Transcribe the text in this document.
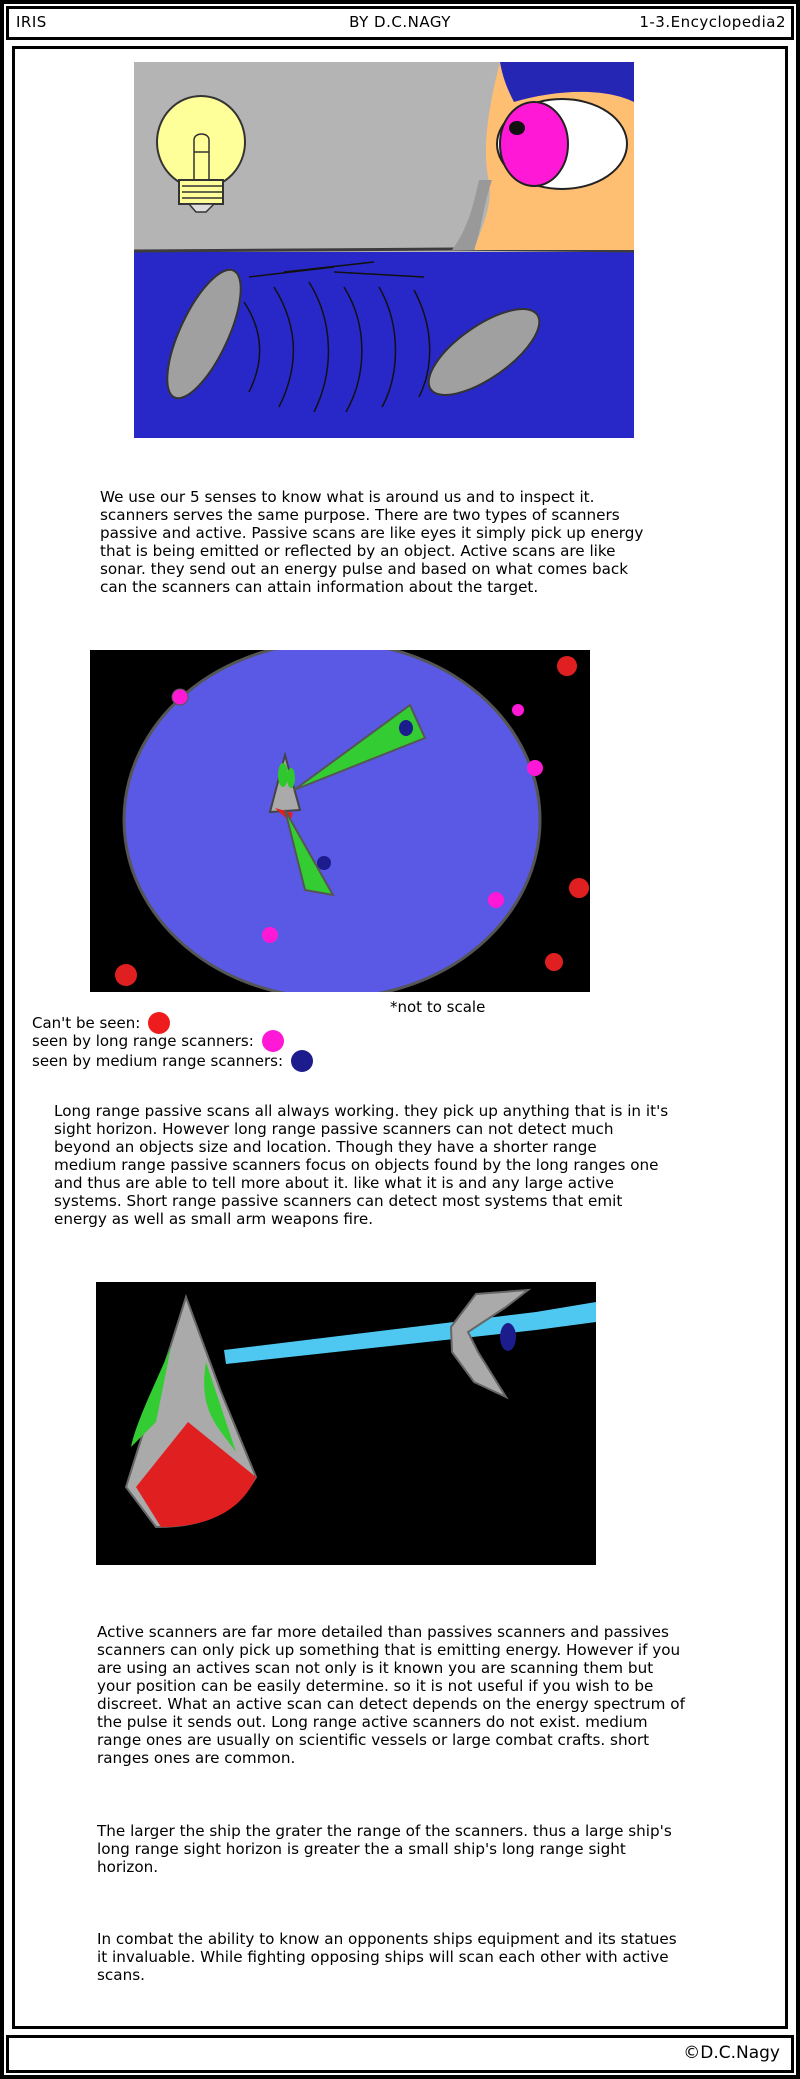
IRIS	BY D.C.NAGY	1-3.Encyclopedia2
©D.C.Nagy
We use our 5 senses to know what is around us and to inspect it.
scanners serves the same purpose. There are two types of scanners
passive and active. Passive scans are like eyes it simply pick up energy
that is being emitted or reflected by an object. Active scans are like
sonar. they send out an energy pulse and based on what comes back
can the scanners can attain information about the target.
*not to scale
Can't be seen:
seen by long range scanners:
seen by medium range scanners:
Long range passive scans all always working. they pick up anything that is in it's
sight horizon. However long range passive scanners can not detect much
beyond an objects size and location. Though they have a shorter range
medium range passive scanners focus on objects found by the long ranges one
and thus are able to tell more about it. like what it is and any large active
systems. Short range passive scanners can detect most systems that emit
energy as well as small arm weapons fire.
Active scanners are far more detailed than passives scanners and passives
scanners can only pick up something that is emitting energy. However if you
are using an actives scan not only is it known you are scanning them but
your position can be easily determine. so it is not useful if you wish to be
discreet. What an active scan can detect depends on the energy spectrum of
the pulse it sends out. Long range active scanners do not exist. medium
range ones are usually on scientific vessels or large combat crafts. short
ranges ones are common.
The larger the ship the grater the range of the scanners. thus a large ship's
long range sight horizon is greater the a small ship's long range sight
horizon.
In combat the ability to know an opponents ships equipment and its statues
it invaluable. While fighting opposing ships will scan each other with active
scans.
